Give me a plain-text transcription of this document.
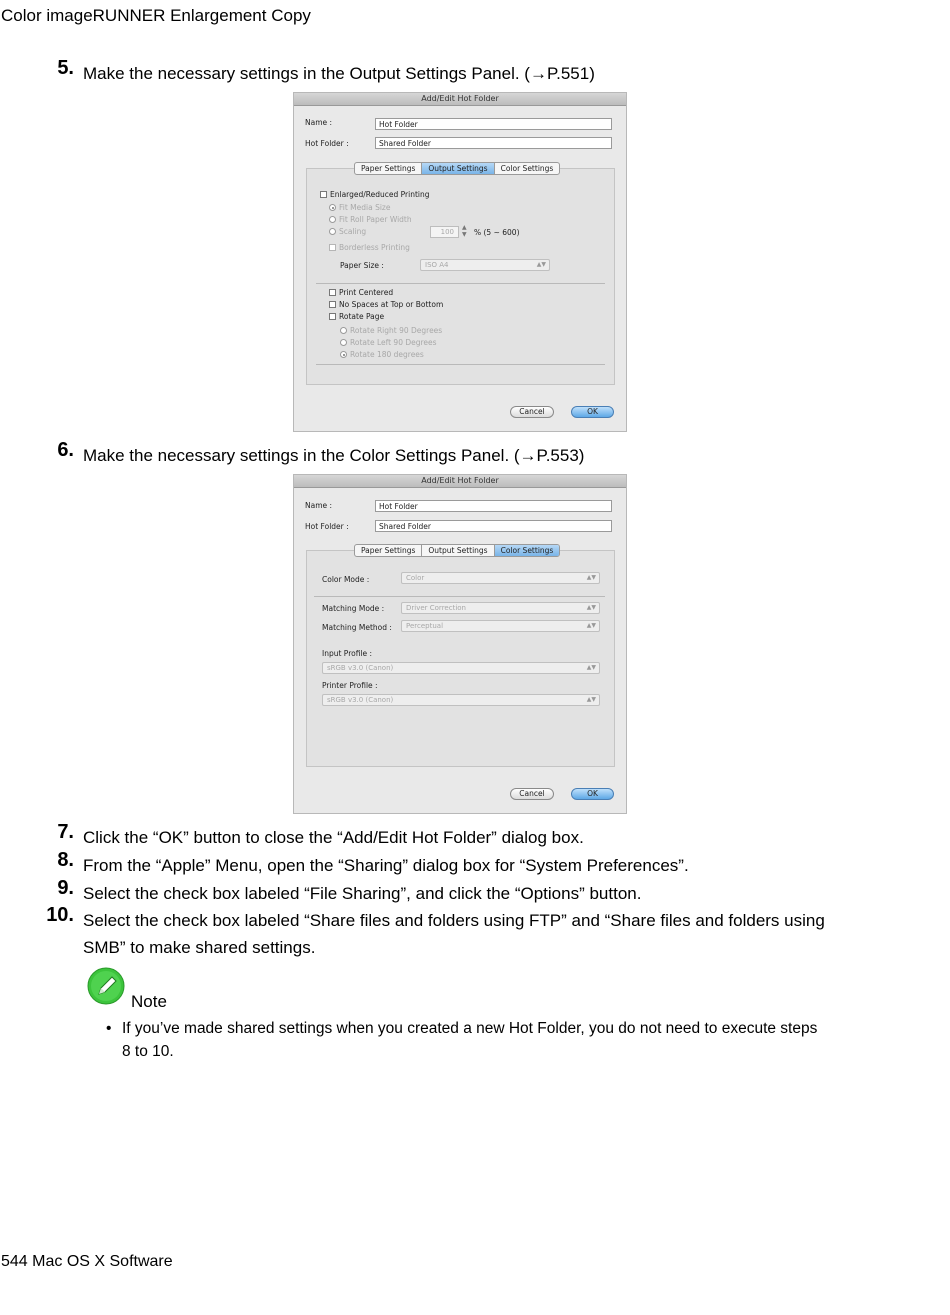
Color imageRUNNER Enlargement Copy
5. Make the necessary settings in the Output Settings Panel. (→P.551)
Add/Edit Hot Folder
Name :	Hot Folder
Hot Folder :	Shared Folder
Paper Settings	Output Settings	Color Settings
Enlarged/Reduced Printing
Fit Media Size
Fit Roll Paper Width
Scaling	100
▲
▼ % (5 ~ 600)
Borderless Printing
Paper Size :	ISO A4	▲▼
Print Centered
No Spaces at Top or Bottom
Rotate Page
Rotate Right 90 Degrees
Rotate Left 90 Degrees
Rotate 180 degrees
Cancel	OK
6. Make the necessary settings in the Color Settings Panel. (→P.553)
Add/Edit Hot Folder
Name :	Hot Folder
Hot Folder :	Shared Folder
Paper Settings	Output Settings	Color Settings
Color Mode :	Color	▲▼
Matching Mode :	Driver Correction	▲▼
Matching Method :	Perceptual	▲▼
Input Profile :
sRGB v3.0 (Canon)	▲▼
Printer Profile :
sRGB v3.0 (Canon)	▲▼
Cancel	OK
7. Click the “OK” button to close the “Add/Edit Hot Folder” dialog box.
8. From the “Apple” Menu, open the “Sharing” dialog box for “System Preferences”.
9. Select the check box labeled “File Sharing”, and click the “Options” button.
10. Select the check box labeled “Share files and folders using FTP” and “Share files and folders using SMB” to make shared settings.
Note
• If you’ve made shared settings when you created a new Hot Folder, you do not need to execute steps 8 to 10.
544 Mac OS X Software
